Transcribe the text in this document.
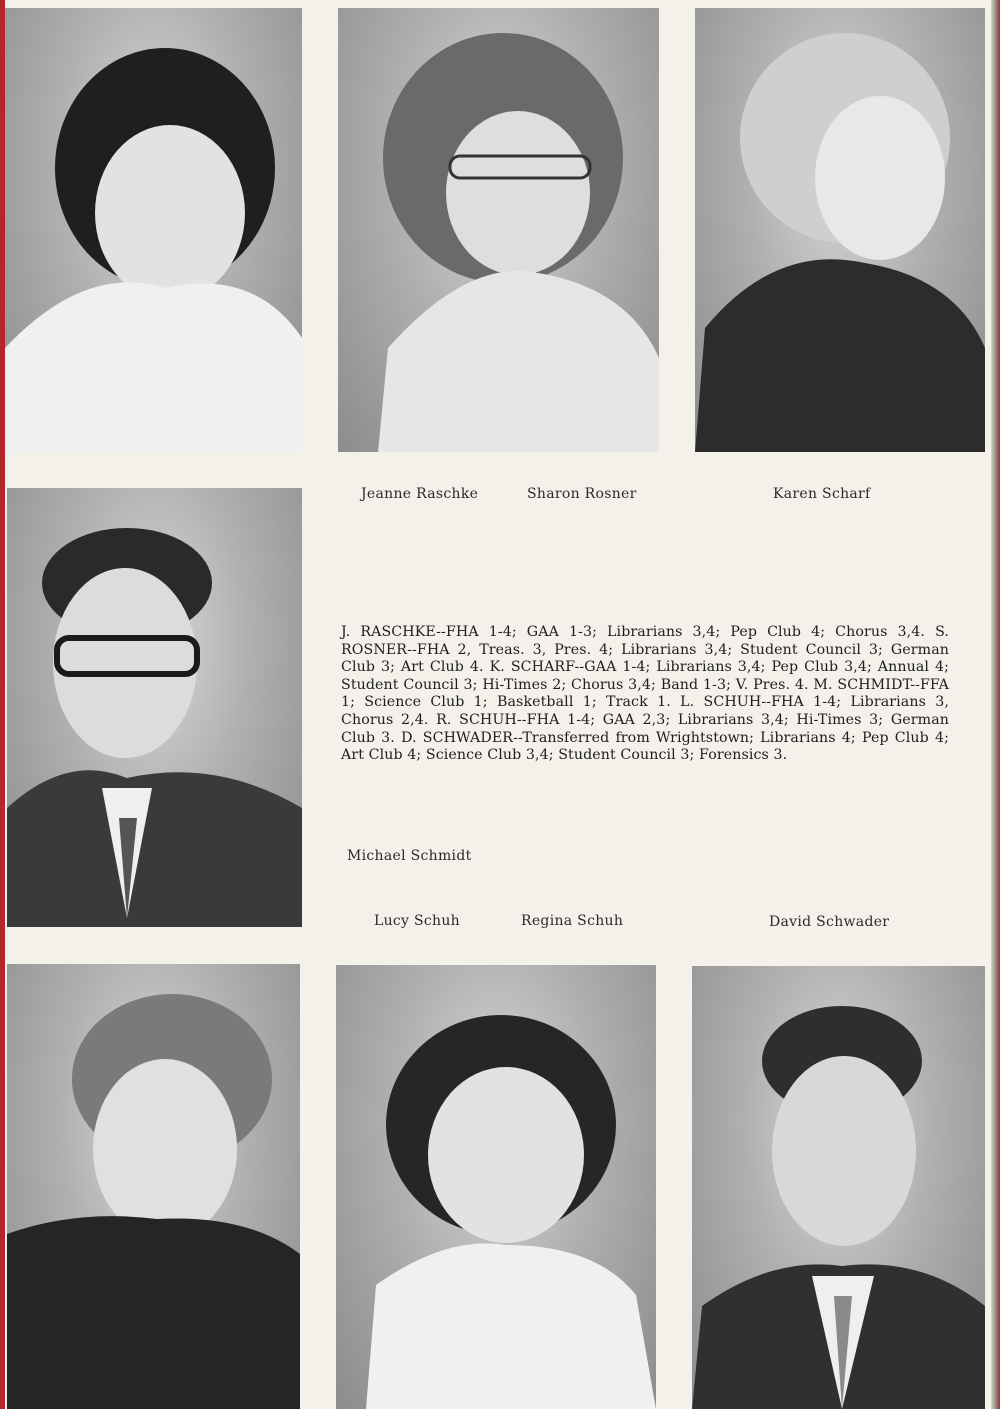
Jeanne Raschke	Sharon Rosner	Karen Scharf
J. RASCHKE--FHA 1-4; GAA 1-3; Librarians 3,4; Pep Club 4; Chorus 3,4. S. ROSNER--FHA 2, Treas. 3, Pres. 4; Librarians 3,4; Student Council 3; German Club 3; Art Club 4. K. SCHARF--GAA 1-4; Librarians 3,4; Pep Club 3,4; Annual 4; Student Council 3; Hi-Times 2; Chorus 3,4; Band 1-3; V. Pres. 4. M. SCHMIDT--FFA 1; Science Club 1; Basketball 1; Track 1. L. SCHUH--FHA 1-4; Librarians 3, Chorus 2,4. R. SCHUH--FHA 1-4; GAA 2,3; Librarians 3,4; Hi-Times 3; German Club 3. D. SCHWADER--Transferred from Wrightstown; Librarians 4; Pep Club 4; Art Club 4; Science Club 3,4; Student Council 3; Forensics 3.
Michael Schmidt
Lucy Schuh	Regina Schuh	David Schwader
